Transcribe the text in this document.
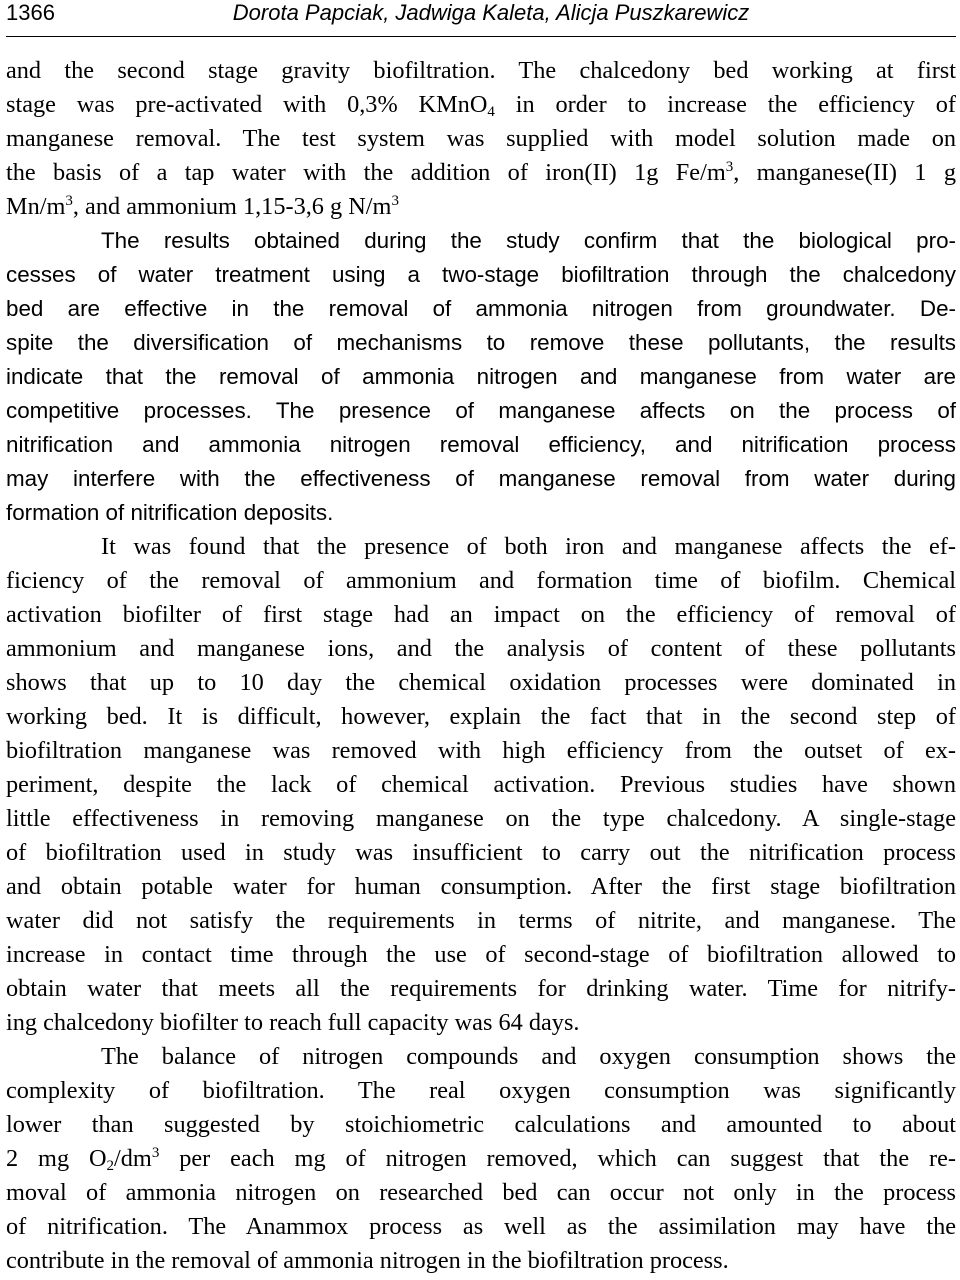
1366	Dorota Papciak, Jadwiga Kaleta, Alicja Puszkarewicz
and the second stage gravity biofiltration. The chalcedony bed working at first
stage was pre-activated with 0,3% KMnO$_4$ in order to increase the efficiency of
manganese removal. The test system was supplied with model solution made on
the basis of a tap water with the addition of iron(II) 1g $Fe/m^3$, manganese(II) 1 g
$Mn/m^3$, and ammonium 1,15-3,6 g $N/m^3$
The results obtained during the study confirm that the biological pro-
cesses of water treatment using a two-stage biofiltration through the chalcedony
bed are effective in the removal of ammonia nitrogen from groundwater. De-
spite the diversification of mechanisms to remove these pollutants, the results
indicate that the removal of ammonia nitrogen and manganese from water are
competitive processes. The presence of manganese affects on the process of
nitrification and ammonia nitrogen removal efficiency, and nitrification process
may interfere with the effectiveness of manganese removal from water during
formation of nitrification deposits.
It was found that the presence of both iron and manganese affects the ef-
ficiency of the removal of ammonium and formation time of biofilm. Chemical
activation biofilter of first stage had an impact on the efficiency of removal of
ammonium and manganese ions, and the analysis of content of these pollutants
shows that up to 10 day the chemical oxidation processes were dominated in
working bed. It is difficult, however, explain the fact that in the second step of
biofiltration manganese was removed with high efficiency from the outset of ex-
periment, despite the lack of chemical activation. Previous studies have shown
little effectiveness in removing manganese on the type chalcedony. A single-stage
of biofiltration used in study was insufficient to carry out the nitrification process
and obtain potable water for human consumption. After the first stage biofiltration
water did not satisfy the requirements in terms of nitrite, and manganese. The
increase in contact time through the use of second-stage of biofiltration allowed to
obtain water that meets all the requirements for drinking water. Time for nitrify-
ing chalcedony biofilter to reach full capacity was 64 days.
The balance of nitrogen compounds and oxygen consumption shows the
complexity of biofiltration. The real oxygen consumption was significantly
lower than suggested by stoichiometric calculations and amounted to about
2 mg $O_2/dm^3$ per each mg of nitrogen removed, which can suggest that the re-
moval of ammonia nitrogen on researched bed can occur not only in the process
of nitrification. The Anammox process as well as the assimilation may have the
contribute in the removal of ammonia nitrogen in the biofiltration process.
